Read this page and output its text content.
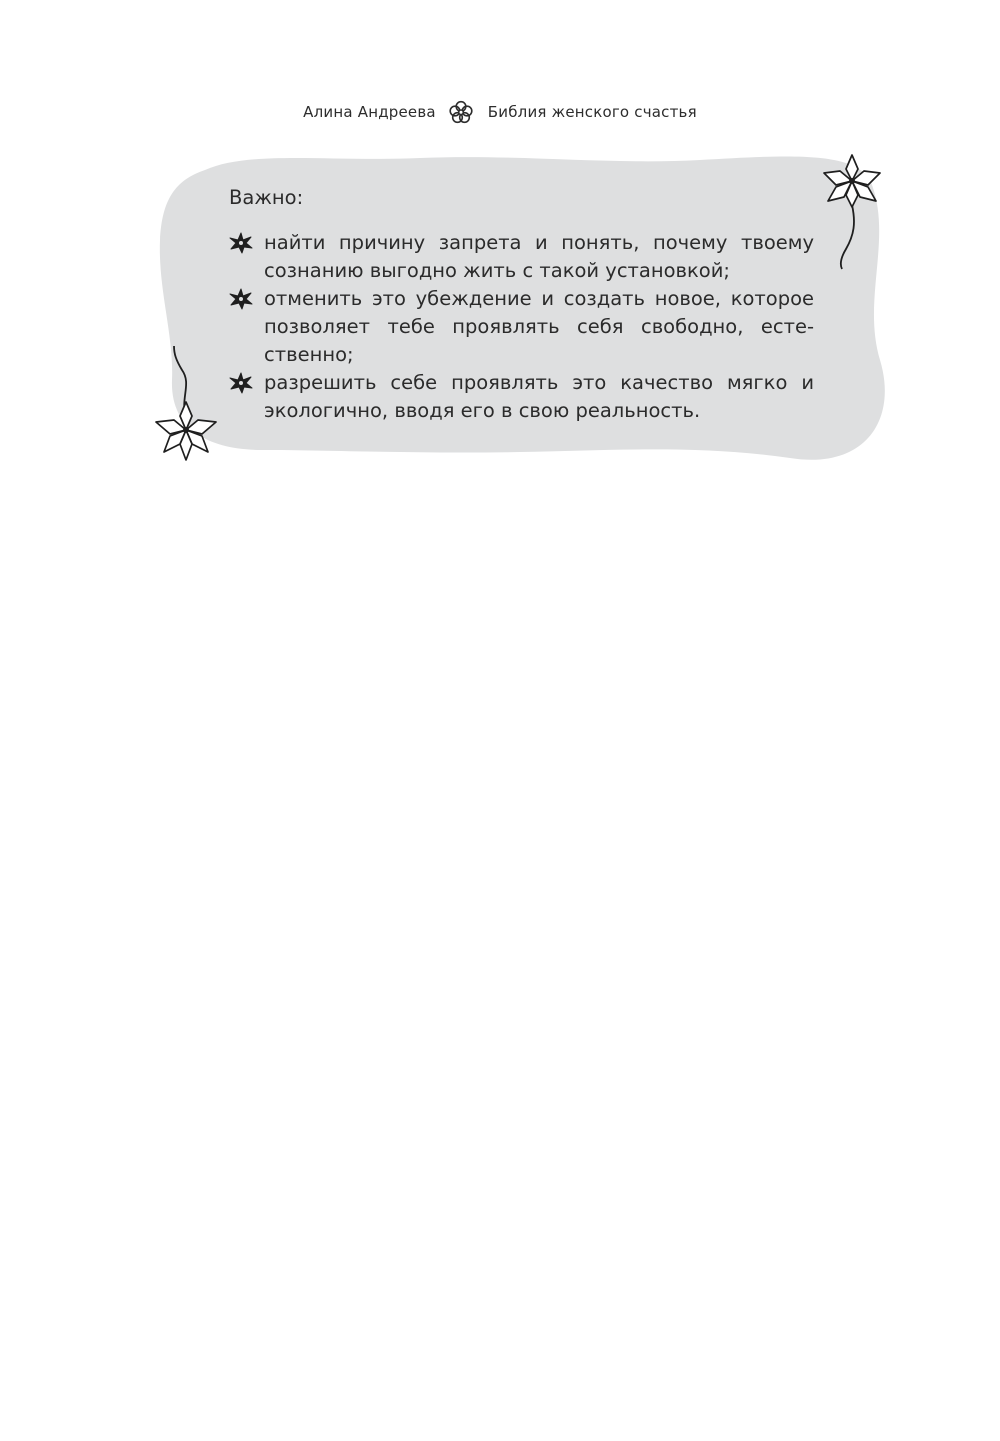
Алина Андреева	Библия женского счастья
Важно:
найти причину запрета и понять, почему твоему сознанию выгодно жить с такой установкой;
отменить это убеждение и создать новое, которое позволяет тебе проявлять себя свободно, естественно;
разрешить себе проявлять это качество мягко и экологично, вводя его в свою реальность.
